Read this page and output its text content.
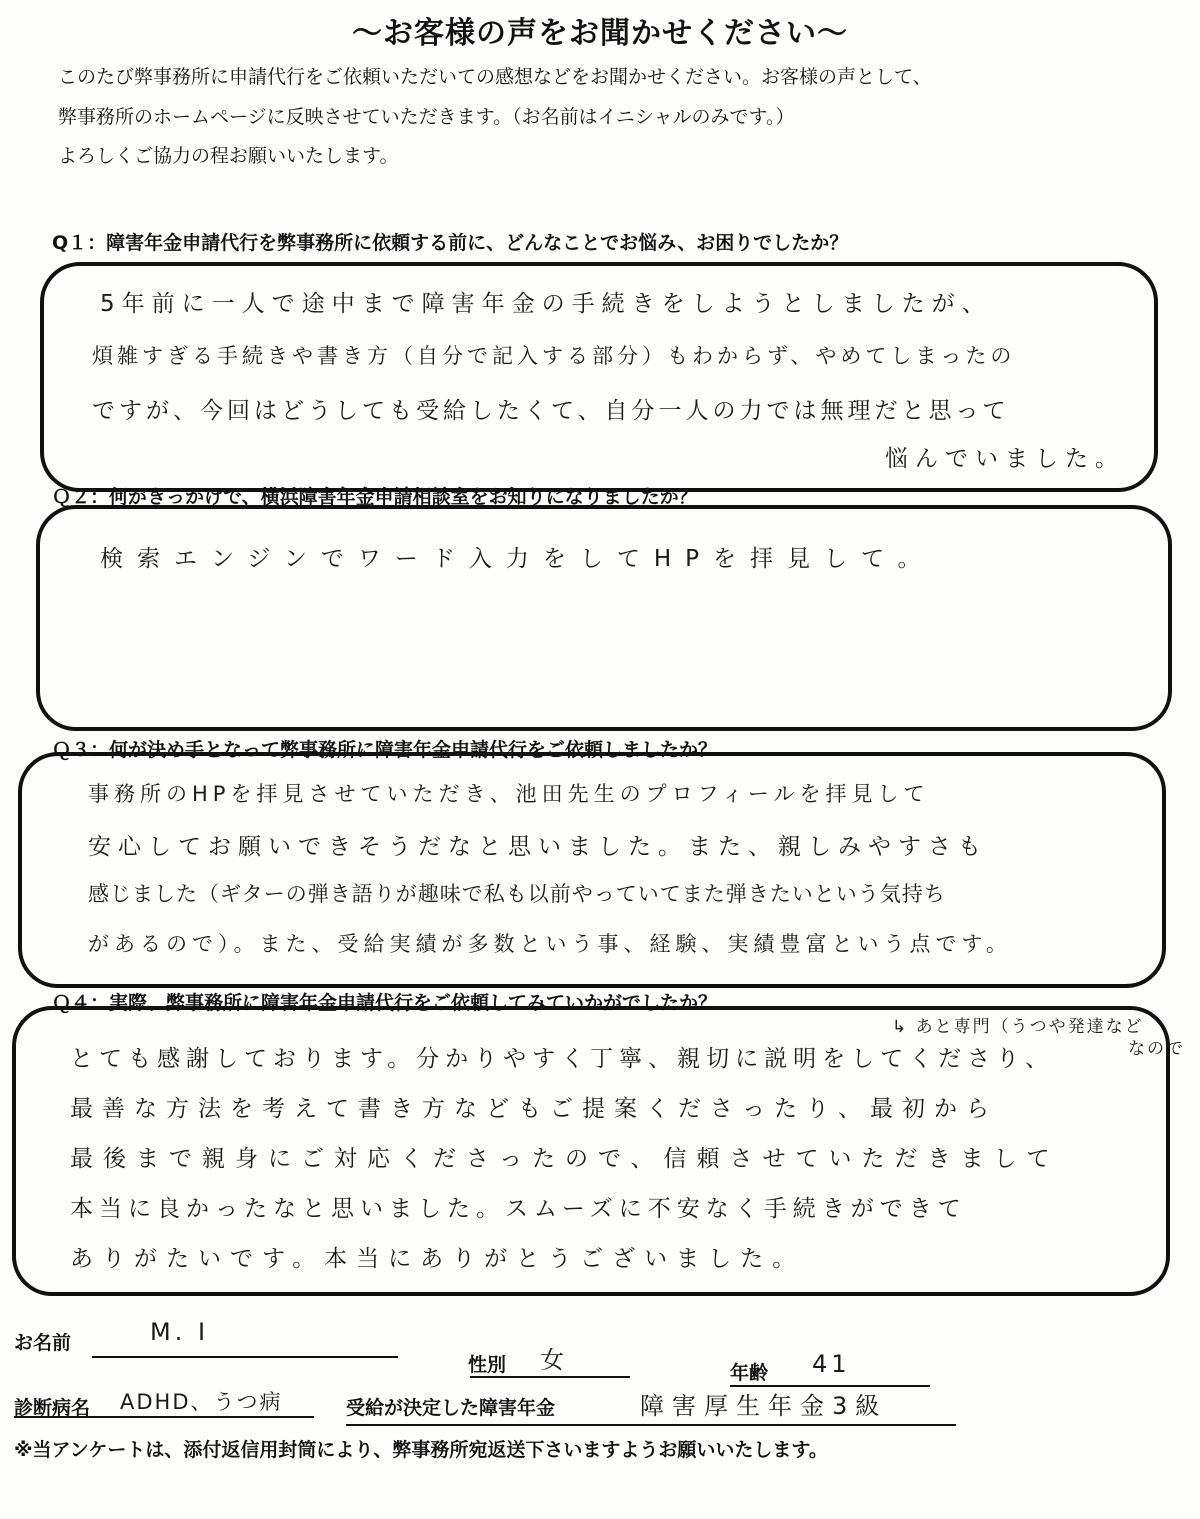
～お客様の声をお聞かせください～
このたび弊事務所に申請代行をご依頼いただいての感想などをお聞かせください。お客様の声として、
弊事務所のホームページに反映させていただきます。（お名前はイニシャルのみです。）
よろしくご協力の程お願いいたします。
Q１：障害年金申請代行を弊事務所に依頼する前に、どんなことでお悩み、お困りでしたか？
5年前に一人で途中まで障害年金の手続きをしようとしましたが、
煩雑すぎる手続きや書き方（自分で記入する部分）もわからず、やめてしまったの
ですが、今回はどうしても受給したくて、自分一人の力では無理だと思って
悩んでいました。
Ｑ２：何がきっかけで、横浜障害年金申請相談室をお知りになりましたか？
検索エンジンでワード入力をしてHPを拝見して。
Ｑ３：何が決め手となって弊事務所に障害年金申請代行をご依頼しましたか？
事務所のHPを拝見させていただき、池田先生のプロフィールを拝見して
安心してお願いできそうだなと思いました。また、親しみやすさも
感じました（ギターの弾き語りが趣味で私も以前やっていてまた弾きたいという気持ち
があるので）。また、受給実績が多数という事、経験、実績豊富という点です。
↳ あと専門（うつや発達など
なので
Ｑ４：実際、弊事務所に障害年金申請代行をご依頼してみていかがでしたか？
とても感謝しております。分かりやすく丁寧、親切に説明をしてくださり、
最善な方法を考えて書き方などもご提案くださったり、最初から
最後まで親身にご対応くださったので、信頼させていただきまして
本当に良かったなと思いました。スムーズに不安なく手続きができて
ありがたいです。本当にありがとうございました。
お名前	M. I
性別 女	年齢 41
診断病名 ADHD、うつ病	受給が決定した障害年金	障害厚生年金3級
※当アンケートは、添付返信用封筒により、弊事務所宛返送下さいますようお願いいたします。
